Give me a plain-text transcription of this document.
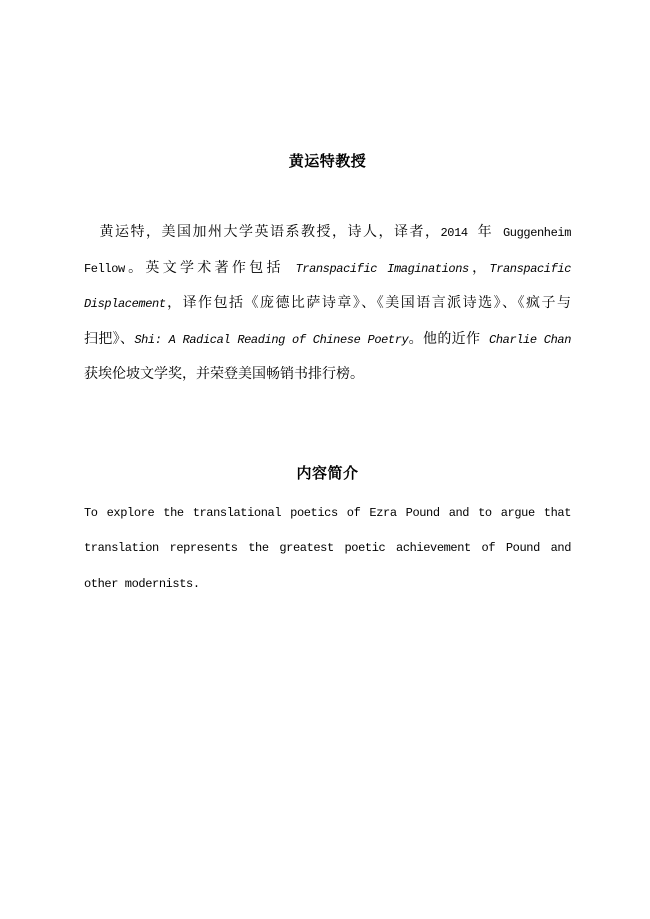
黄运特教授
　黄运特，美国加州大学英语系教授，诗人，译者，2014 年 Guggenheim
Fellow。英文学术著作包括 Transpacific Imaginations，Transpacific
Displacement，译作包括《庞德比萨诗章》、《美国语言派诗选》、《疯子与
扫把》、Shi: A Radical Reading of Chinese Poetry。他的近作 Charlie Chan
获埃伦坡文学奖，并荣登美国畅销书排行榜。
内容简介
To explore the translational poetics of Ezra Pound and to argue that
translation represents the greatest poetic achievement of Pound and
other modernists.
